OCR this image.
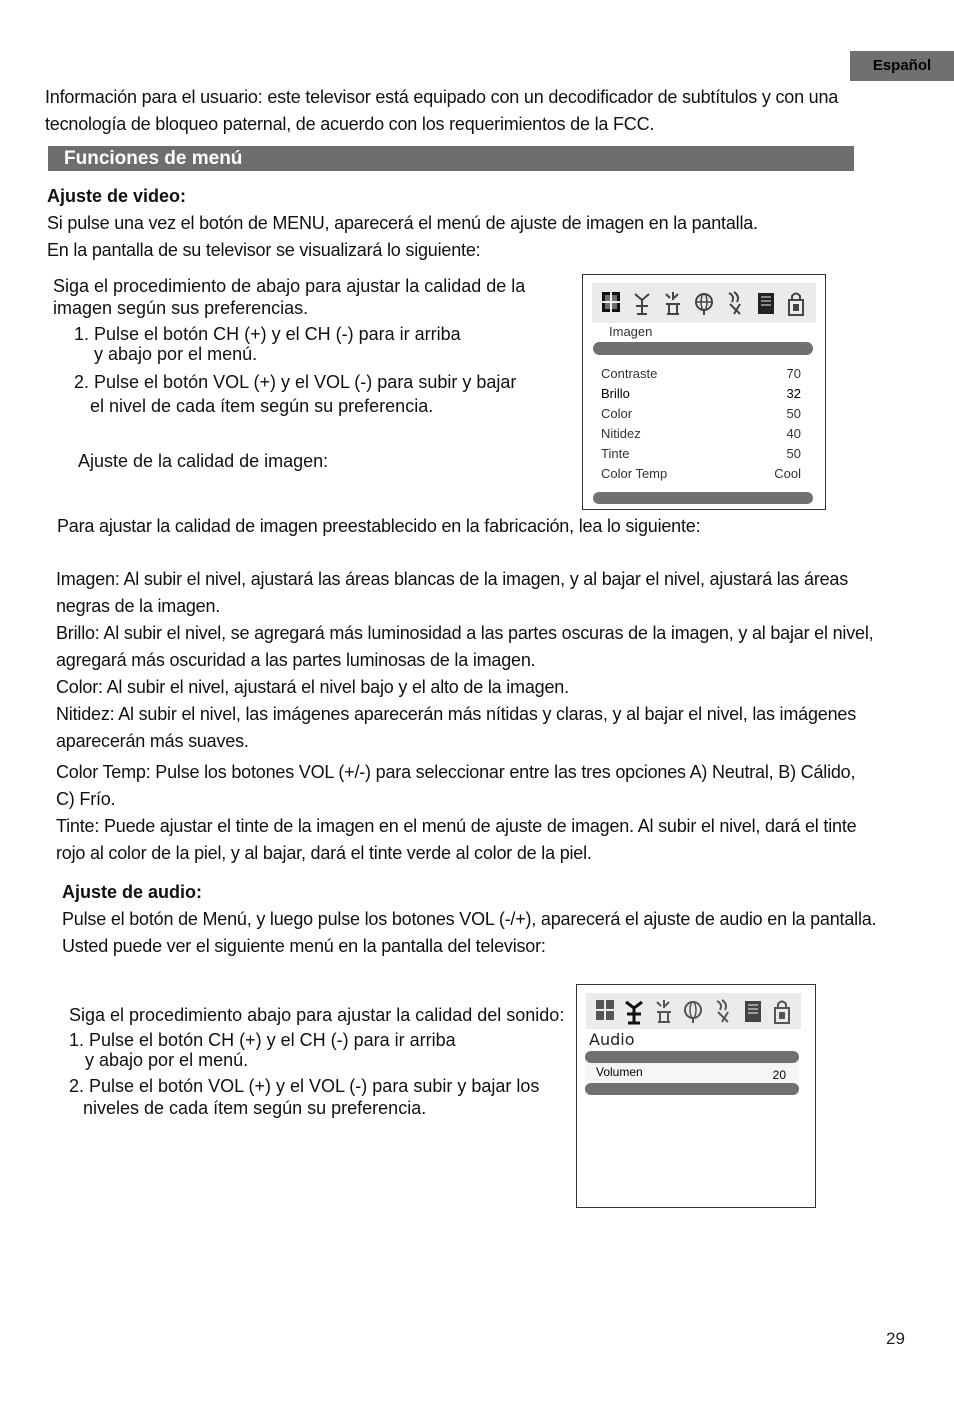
Español
Información para el usuario: este televisor está equipado con un decodificador de subtítulos y con una
tecnología de bloqueo paternal, de acuerdo con los requerimientos de la FCC.
Funciones de menú
Ajuste de video:
Si pulse una vez el botón de MENU, aparecerá el menú de ajuste de imagen en la pantalla.
En la pantalla de su televisor se visualizará lo siguiente:
Siga el procedimiento de abajo para ajustar la calidad de la
imagen según sus preferencias.
1. Pulse el botón CH (+) y el CH (-) para ir arriba
y abajo por el menú.
2. Pulse el botón VOL (+) y el VOL (-) para subir y bajar
el nivel de cada ítem según su preferencia.
Ajuste de la calidad de imagen:
Imagen
Contraste	70
Brillo	32
Color	50
Nitidez	40
Tinte	50
Color Temp	Cool
Para ajustar la calidad de imagen preestablecido en la fabricación, lea lo siguiente:
Imagen: Al subir el nivel, ajustará las áreas blancas de la imagen, y al bajar el nivel, ajustará las áreas
negras de la imagen.
Brillo: Al subir el nivel, se agregará más luminosidad a las partes oscuras de la imagen, y al bajar el nivel,
agregará más oscuridad a las partes luminosas de la imagen.
Color: Al subir el nivel, ajustará el nivel bajo y el alto de la imagen.
Nitidez: Al subir el nivel, las imágenes aparecerán más nítidas y claras, y al bajar el nivel, las imágenes
aparecerán más suaves.
Color Temp: Pulse los botones VOL (+/-) para seleccionar entre las tres opciones A) Neutral, B) Cálido,
C) Frío.
Tinte: Puede ajustar el tinte de la imagen en el menú de ajuste de imagen. Al subir el nivel, dará el tinte
rojo al color de la piel, y al bajar, dará el tinte verde al color de la piel.
Ajuste de audio:
Pulse el botón de Menú, y luego pulse los botones VOL (-/+), aparecerá el ajuste de audio en la pantalla.
Usted puede ver el siguiente menú en la pantalla del televisor:
Siga el procedimiento abajo para ajustar la calidad del sonido:
1. Pulse el botón CH (+) y el CH (-) para ir arriba
y abajo por el menú.
2. Pulse el botón VOL (+) y el VOL (-) para subir y bajar los
niveles de cada ítem según su preferencia.
Audio
Volumen	20
29
